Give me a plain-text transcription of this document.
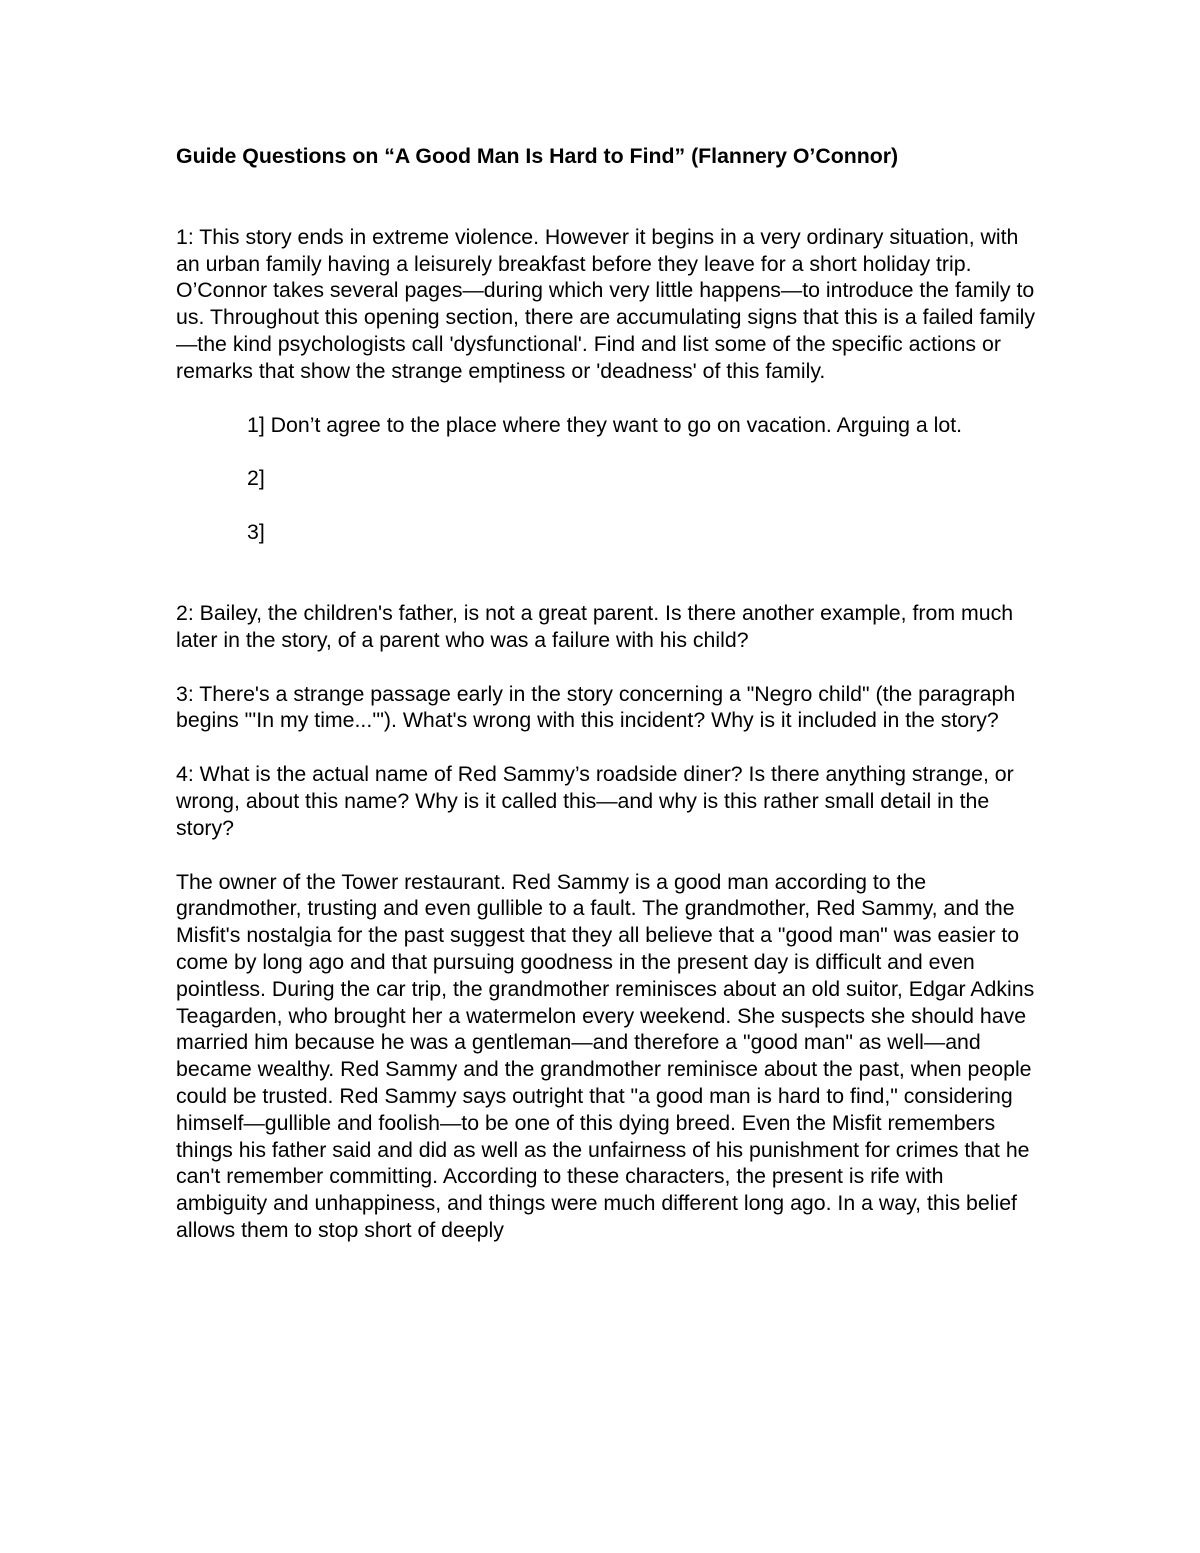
Guide Questions on “A Good Man Is Hard to Find” (Flannery O’Connor)

1: This story ends in extreme violence. However it begins in a very ordinary situation, with an urban family having a leisurely breakfast before they leave for a short holiday trip. O’Connor takes several pages—during which very little happens—to introduce the family to us. Throughout this opening section, there are accumulating signs that this is a failed family—the kind psychologists call 'dysfunctional'. Find and list some of the specific actions or remarks that show the strange emptiness or 'deadness' of this family.

1] Don’t agree to the place where they want to go on vacation. Arguing a lot.

2]

3]

2: Bailey, the children's father, is not a great parent. Is there another example, from much later in the story, of a parent who was a failure with his child?

3: There's a strange passage early in the story concerning a "Negro child" (the paragraph begins "'In my time...'"). What's wrong with this incident? Why is it included in the story?

4: What is the actual name of Red Sammy’s roadside diner? Is there anything strange, or wrong, about this name? Why is it called this—and why is this rather small detail in the story?

The owner of the Tower restaurant. Red Sammy is a good man according to the grandmother, trusting and even gullible to a fault. The grandmother, Red Sammy, and the Misfit's nostalgia for the past suggest that they all believe that a "good man" was easier to come by long ago and that pursuing goodness in the present day is difficult and even pointless. During the car trip, the grandmother reminisces about an old suitor, Edgar Adkins Teagarden, who brought her a watermelon every weekend. She suspects she should have married him because he was a gentleman—and therefore a "good man" as well—and became wealthy. Red Sammy and the grandmother reminisce about the past, when people could be trusted. Red Sammy says outright that "a good man is hard to find," considering himself—gullible and foolish—to be one of this dying breed. Even the Misfit remembers things his father said and did as well as the unfairness of his punishment for crimes that he can't remember committing. According to these characters, the present is rife with ambiguity and unhappiness, and things were much different long ago. In a way, this belief allows them to stop short of deeply
